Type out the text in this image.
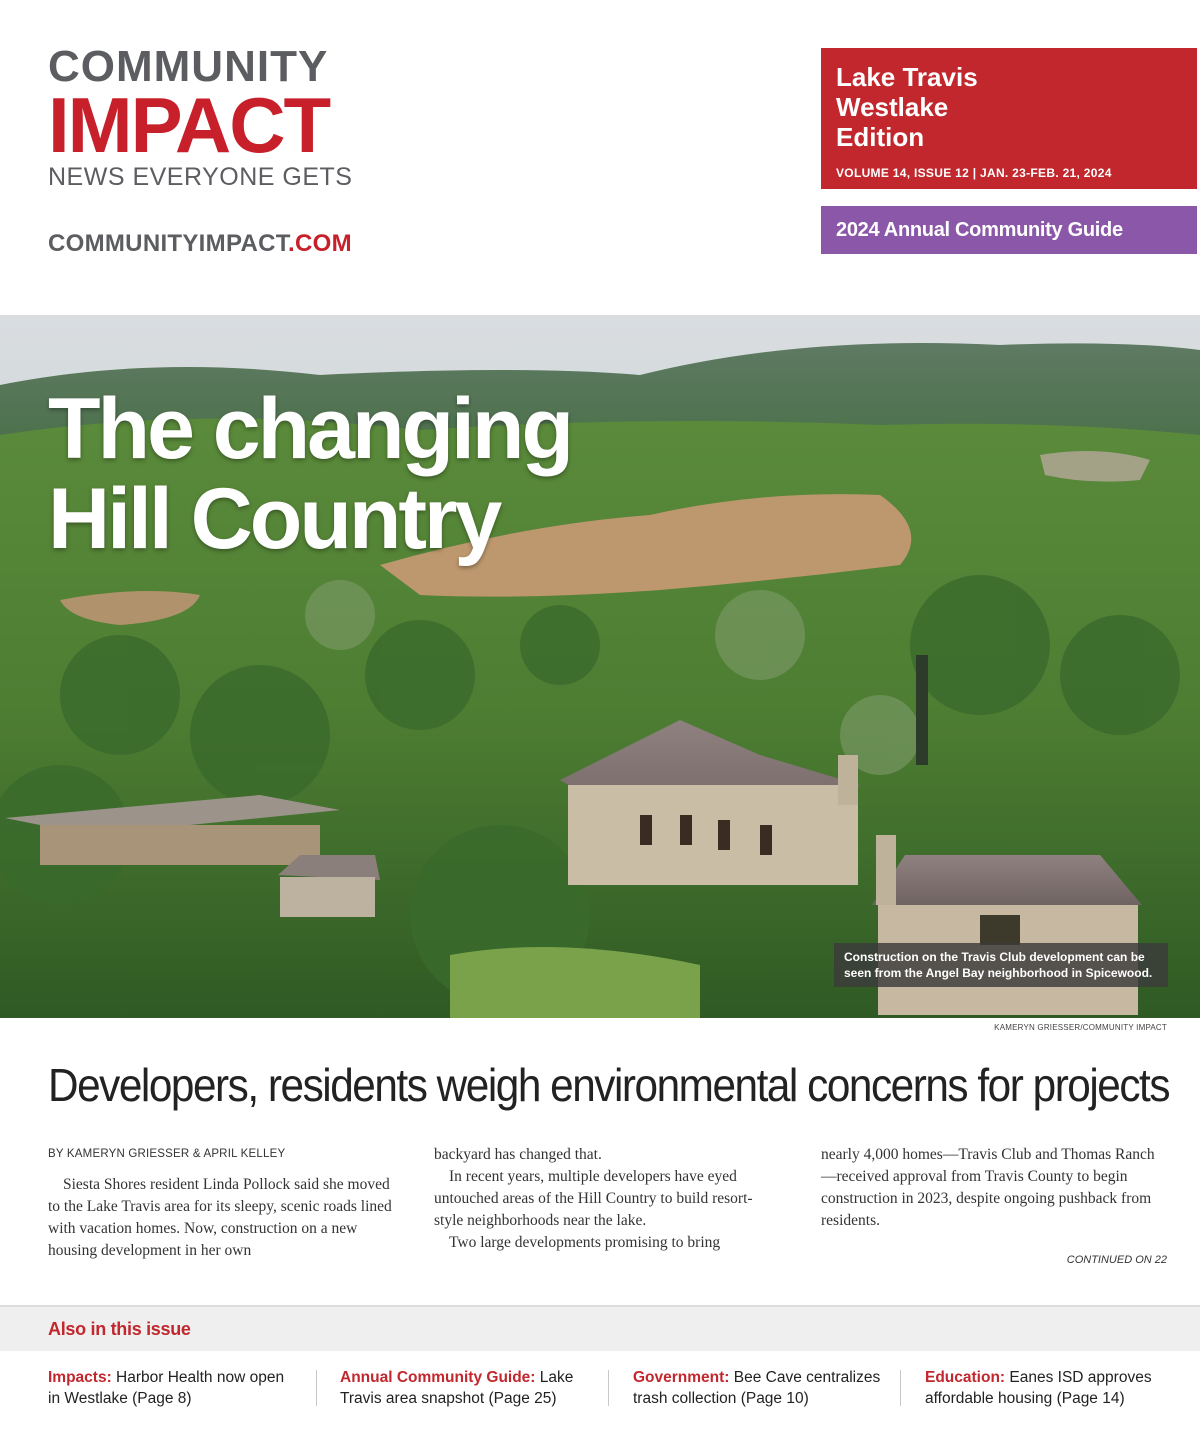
COMMUNITY
IMPACT
NEWS EVERYONE GETS
COMMUNITYIMPACT.COM
Lake Travis
Westlake
Edition
VOLUME 14, ISSUE 12 | JAN. 23-FEB. 21, 2024
2024 Annual Community Guide
The changing
Hill Country
Construction on the Travis Club development can be seen from the Angel Bay neighborhood in Spicewood.
KAMERYN GRIESSER/COMMUNITY IMPACT
Developers, residents weigh environmental concerns for projects
BY KAMERYN GRIESSER & APRIL KELLEY

Siesta Shores resident Linda Pollock said she moved to the Lake Travis area for its sleepy, scenic roads lined with vacation homes. Now, construction on a new housing development in her own

backyard has changed that.

In recent years, multiple developers have eyed untouched areas of the Hill Country to build resort-style neighborhoods near the lake.

Two large developments promising to bring

nearly 4,000 homes—Travis Club and Thomas Ranch—received approval from Travis County to begin construction in 2023, despite ongoing pushback from residents.

CONTINUED ON 22
Also in this issue
Impacts: Harbor Health now open in Westlake (Page 8)
Annual Community Guide: Lake Travis area snapshot (Page 25)
Government: Bee Cave centralizes trash collection (Page 10)
Education: Eanes ISD approves affordable housing (Page 14)
